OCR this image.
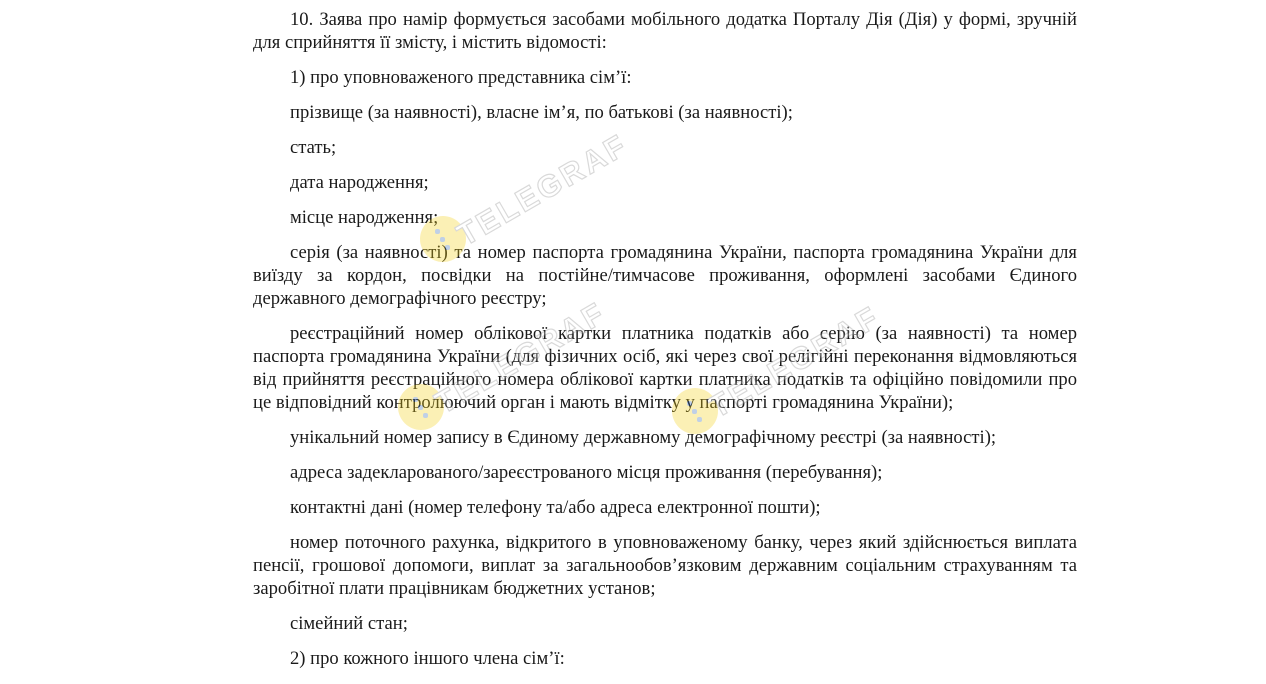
10. Заява про намір формується засобами мобільного додатка Порталу Дія (Дія) у формі, зручній для сприйняття її змісту, і містить відомості:

1) про уповноваженого представника сім’ї:

прізвище (за наявності), власне ім’я, по батькові (за наявності);

стать;

дата народження;

місце народження;

серія (за наявності) та номер паспорта громадянина України, паспорта громадянина України для виїзду за кордон, посвідки на постійне/тимчасове проживання, оформлені засобами Єдиного державного демографічного реєстру;

реєстраційний номер облікової картки платника податків або серію (за наявності) та номер паспорта громадянина України (для фізичних осіб, які через свої релігійні переконання відмовляються від прийняття реєстраційного номера облікової картки платника податків та офіційно повідомили про це відповідний контролюючий орган і мають відмітку у паспорті громадянина України);

унікальний номер запису в Єдиному державному демографічному реєстрі (за наявності);

адреса задекларованого/зареєстрованого місця проживання (перебування);

контактні дані (номер телефону та/або адреса електронної пошти);

номер поточного рахунка, відкритого в уповноваженому банку, через який здійснюється виплата пенсії, грошової допомоги, виплат за загальнообов’язковим державним соціальним страхуванням та заробітної плати працівникам бюджетних установ;

сімейний стан;

2) про кожного іншого члена сім’ї:

TELEGRAF
TELEGRAF	TELEGRAF
